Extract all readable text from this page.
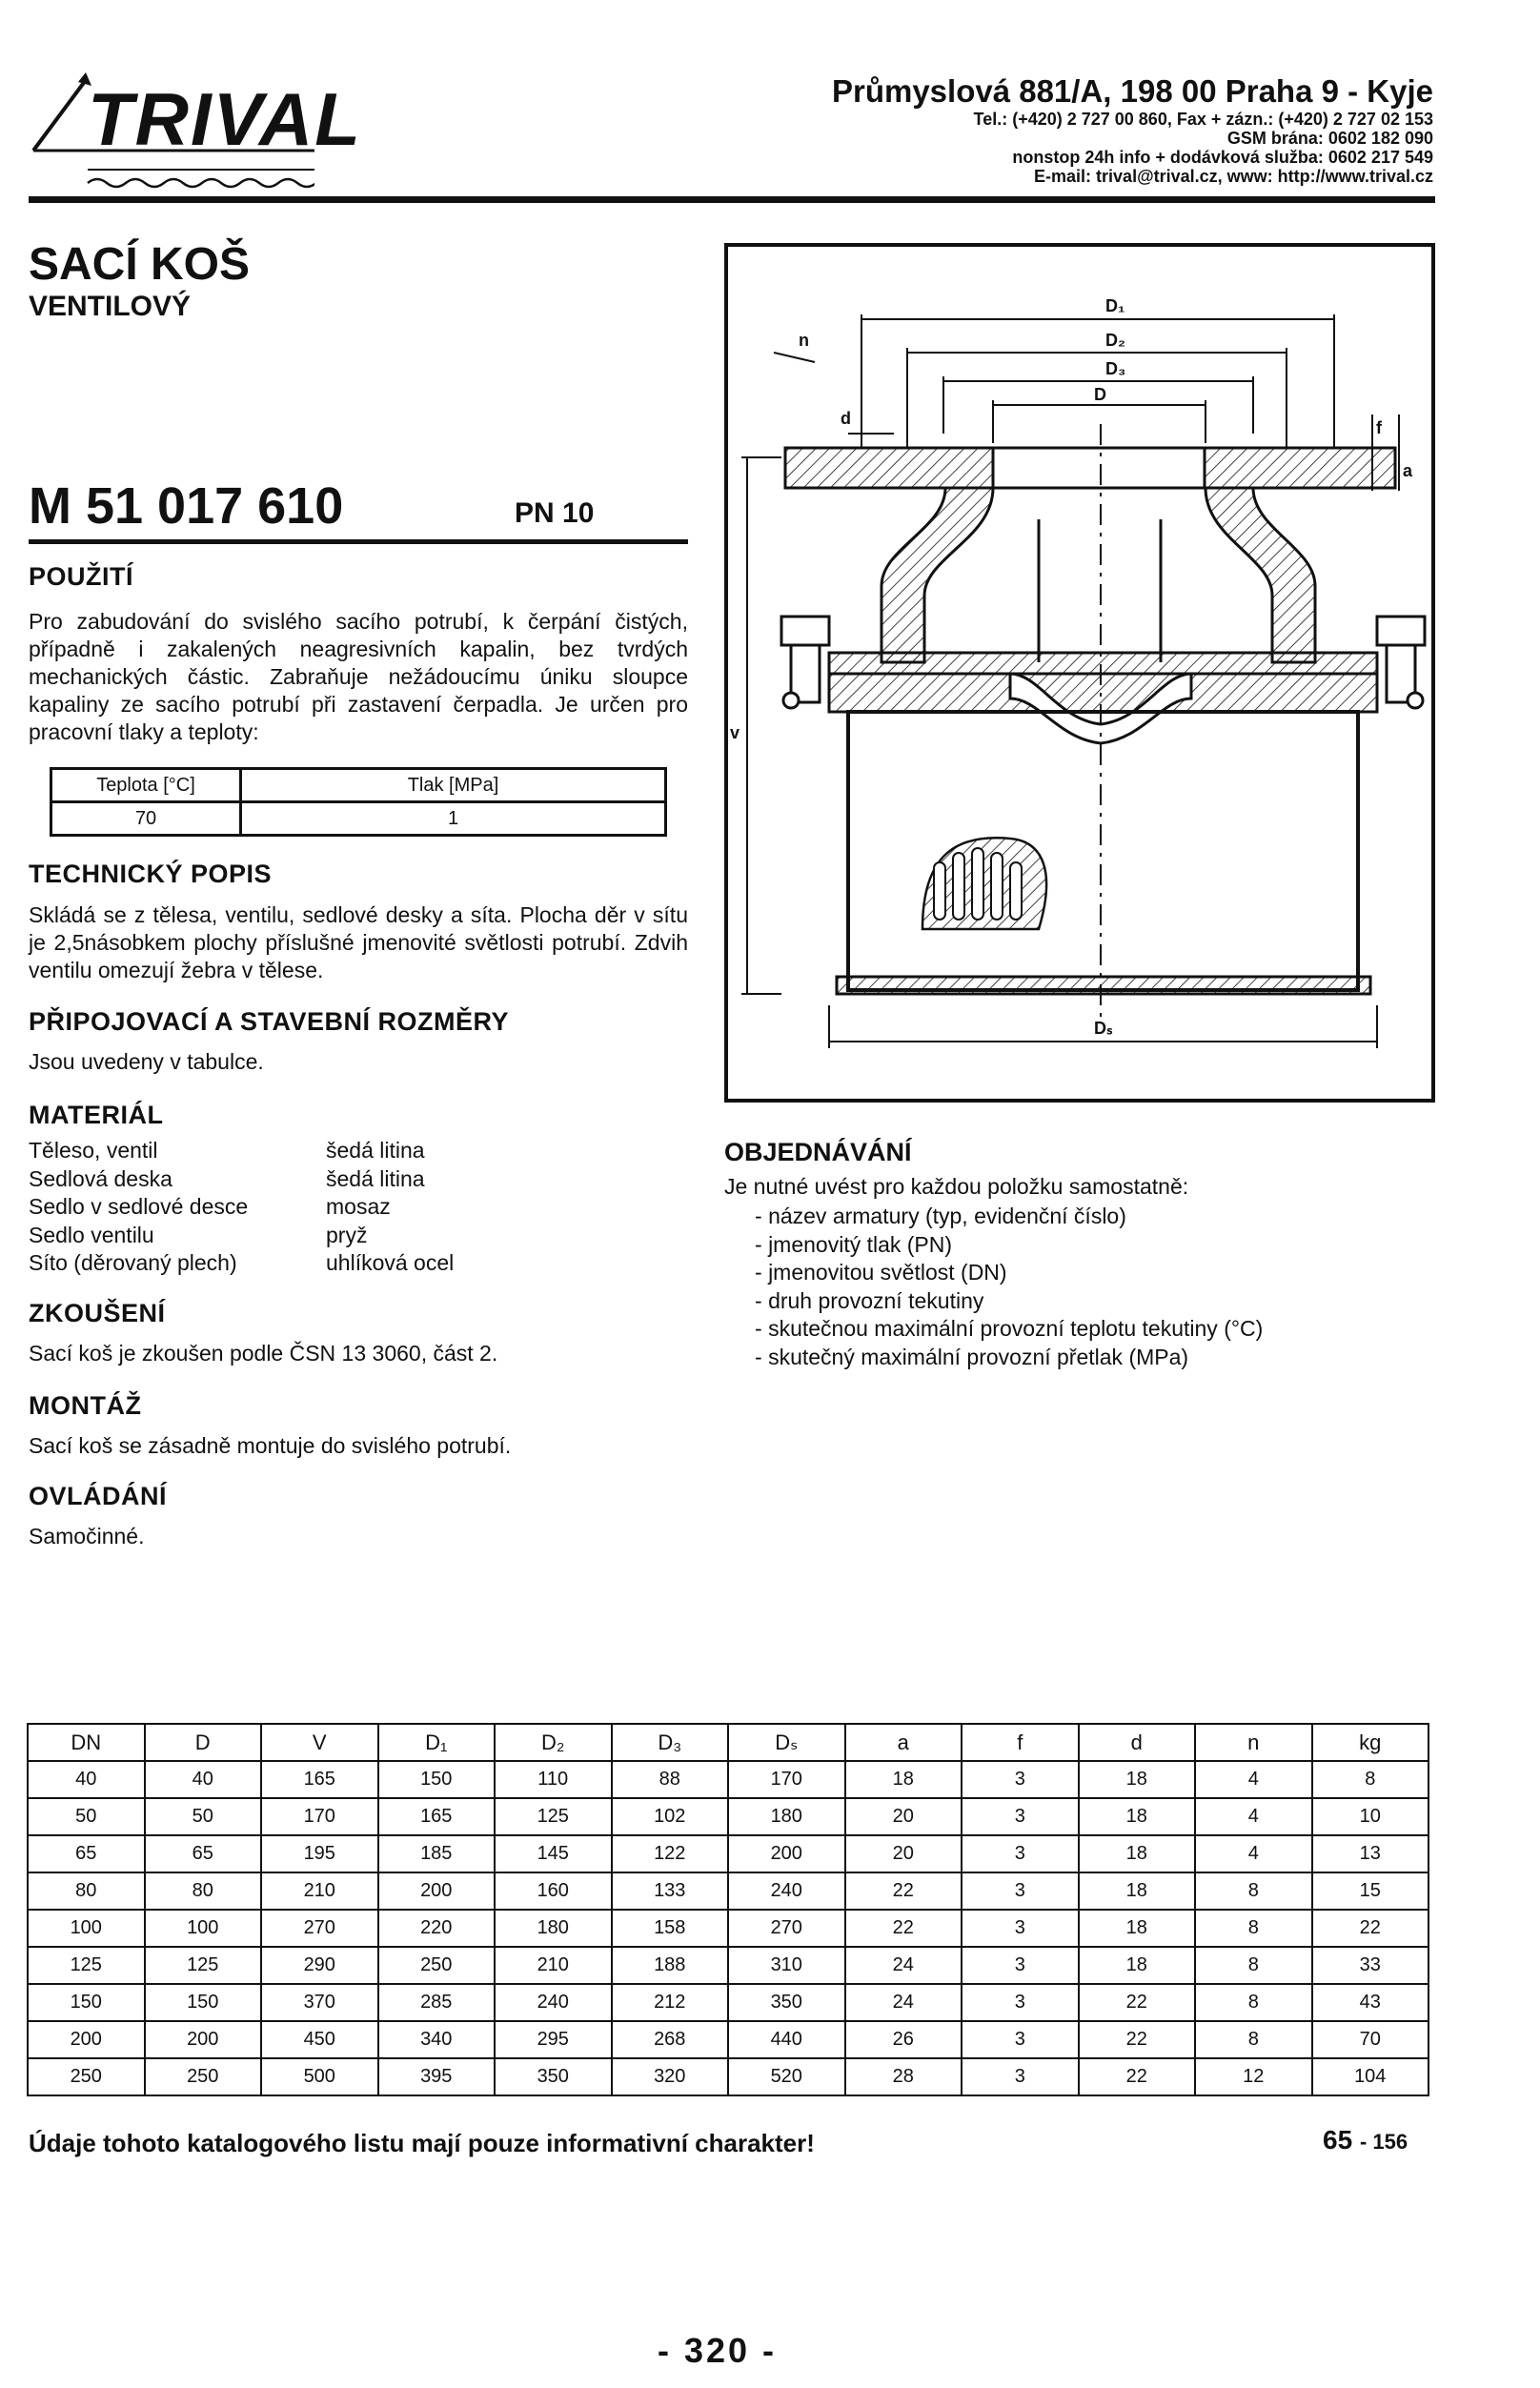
TRIVAL	Průmyslová 881/A, 198 00 Praha 9 - Kyje
Tel.: (+420) 2 727 00 860, Fax + zázn.: (+420) 2 727 02 153
GSM brána: 0602 182 090
nonstop 24h info + dodávková služba: 0602 217 549
E-mail: trival@trival.cz, www: http://www.trival.cz
SACÍ KOŠ
VENTILOVÝ
M 51 017 610	PN 10
POUŽITÍ
Pro zabudování do svislého sacího potrubí, k čerpání čistých, případně i zakalených neagresivních kapalin, bez tvrdých mechanických částic. Zabraňuje nežádoucímu úniku sloupce kapaliny ze sacího potrubí při zastavení čerpadla. Je určen pro pracovní tlaky a teploty:
Teplota [°C]	Tlak [MPa]
70	1
TECHNICKÝ POPIS
Skládá se z tělesa, ventilu, sedlové desky a síta. Plocha děr v sítu je 2,5násobkem plochy příslušné jmenovité světlosti potrubí. Zdvih ventilu omezují žebra v tělese.
PŘIPOJOVACÍ A STAVEBNÍ ROZMĚRY
Jsou uvedeny v tabulce.
MATERIÁL
Těleso, ventil	šedá litina
Sedlová deska	šedá litina
Sedlo v sedlové desce	mosaz
Sedlo ventilu	pryž
Síto (děrovaný plech)	uhlíková ocel
ZKOUŠENÍ
Sací koš je zkoušen podle ČSN 13 3060, část 2.
MONTÁŽ
Sací koš se zásadně montuje do svislého potrubí.
OVLÁDÁNÍ
Samočinné.
D₁
D₂
D₃
D
Dₛ
n
d
v
a
f
OBJEDNÁVÁNÍ
Je nutné uvést pro každou položku samostatně:
- název armatury (typ, evidenční číslo)
- jmenovitý tlak (PN)
- jmenovitou světlost (DN)
- druh provozní tekutiny
- skutečnou maximální provozní teplotu tekutiny (°C)
- skutečný maximální provozní přetlak (MPa)
DN	D	V	D₁	D₂	D₃	Dₛ	a	f	d	n	kg
40	40	165	150	110	88	170	18	3	18	4	8
50	50	170	165	125	102	180	20	3	18	4	10
65	65	195	185	145	122	200	20	3	18	4	13
80	80	210	200	160	133	240	22	3	18	8	15
100	100	270	220	180	158	270	22	3	18	8	22
125	125	290	250	210	188	310	24	3	18	8	33
150	150	370	285	240	212	350	24	3	22	8	43
200	200	450	340	295	268	440	26	3	22	8	70
250	250	500	395	350	320	520	28	3	22	12	104
Údaje tohoto katalogového listu mají pouze informativní charakter!	65 - 156
- 320 -
